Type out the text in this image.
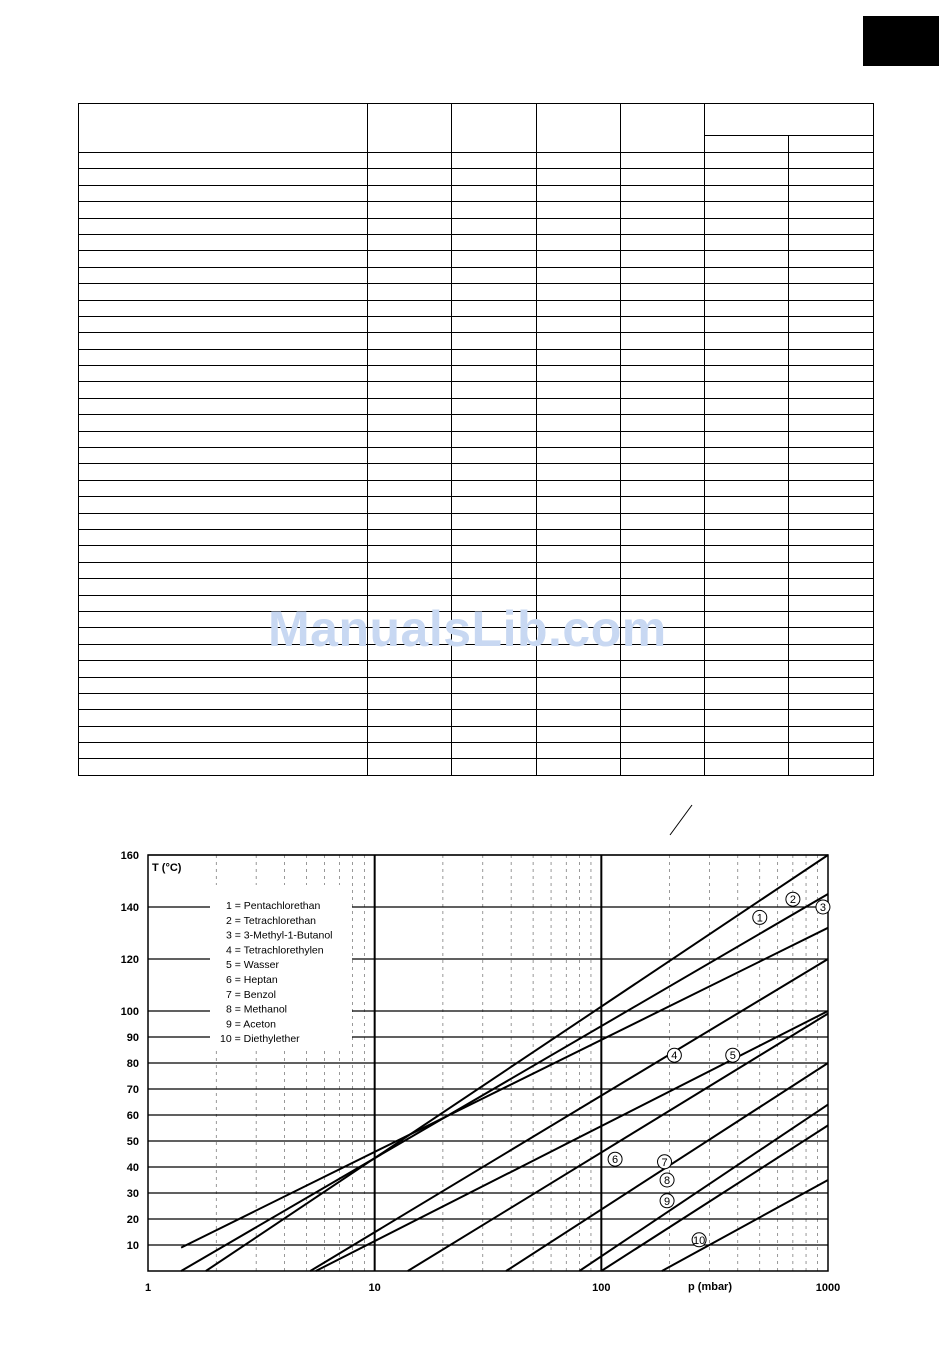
ManualsLib.com
10
20
30
40
50
60
70
80
90
100
120
140
160
1	10	100	1000
1
2
3
4	5
6	7
8
9
10
1 = Pentachlorethan
2 = Tetrachlorethan
3 = 3-Methyl-1-Butanol
4 = Tetrachlorethylen
5 = Wasser
6 = Heptan
7 = Benzol
8 = Methanol
9 = Aceton
10 = Diethylether
T (°C)
p (mbar)
